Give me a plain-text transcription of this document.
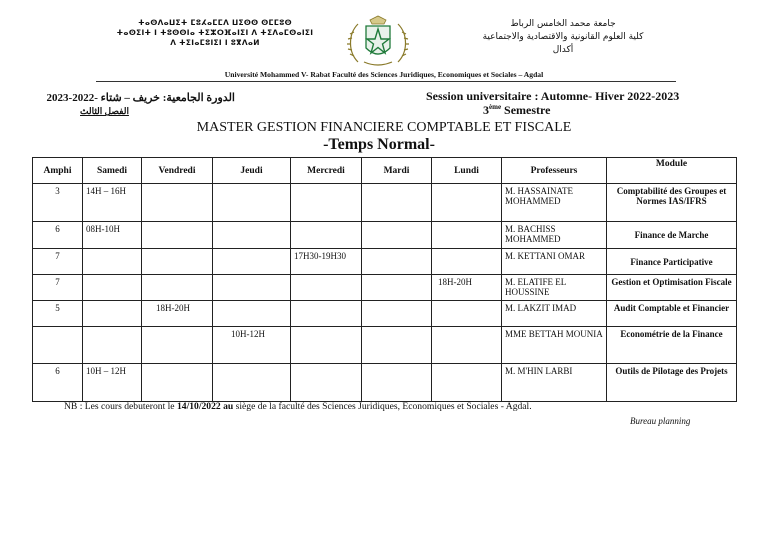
ⵜⴰⵙⴷⴰⵡⵉⵜ ⵎⵓⵃⴰⵎⵎⴷ ⵡⵉⵙⵙ ⵙⵎⵎⵓⵙ
ⵜⴰⵙⵉⵏⵜ ⵏ ⵜⵓⵙⵙⵏⴰ ⵜⵉⵣⵔⴼⴰⵏⵉⵏ ⴷ ⵜⵉⴷⴰⵎⵙⴰⵏⵉⵏ
ⴷ ⵜⵉⵏⴰⵎⵓⵏⵉⵏ ⵏ ⵓⴳⴷⴰⵍ
جامعة محمد الخامس الرباط
كلية العلوم القانونية والاقتصادية والاجتماعية
أكدال
Université Mohammed V- Rabat Faculté des Sciences Juridiques, Economiques et Sociales – Agdal
الدورة الجامعية: خريف – شتاء -2022-2023
الفصل الثالث
Session universitaire : Automne- Hiver 2022-2023
3ème Semestre
MASTER GESTION FINANCIERE COMPTABLE ET FISCALE
-Temps Normal-
Amphi	Samedi	Vendredi	Jeudi	Mercredi	Mardi	Lundi	Professeurs	Module
3	14H – 16H						M. HASSAINATE MOHAMMED	Comptabilité des Groupes et Normes IAS/IFRS
6	08H-10H						M. BACHISS MOHAMMED	Finance de Marche
7				17H30-19H30			M. KETTANI OMAR	Finance Participative
7						18H-20H	M. ELATIFE EL HOUSSINE	Gestion et Optimisation Fiscale
5		18H-20H					M. LAKZIT IMAD	Audit Comptable et Financier
			10H-12H				MME BETTAH MOUNIA	Econométrie de la Finance
6	10H – 12H						M. M'HIN LARBI	Outils de Pilotage des Projets
NB : Les cours debuteront le 14/10/2022 au siège de la faculté des Sciences Juridiques, Economiques et Sociales - Agdal.
Bureau planning
